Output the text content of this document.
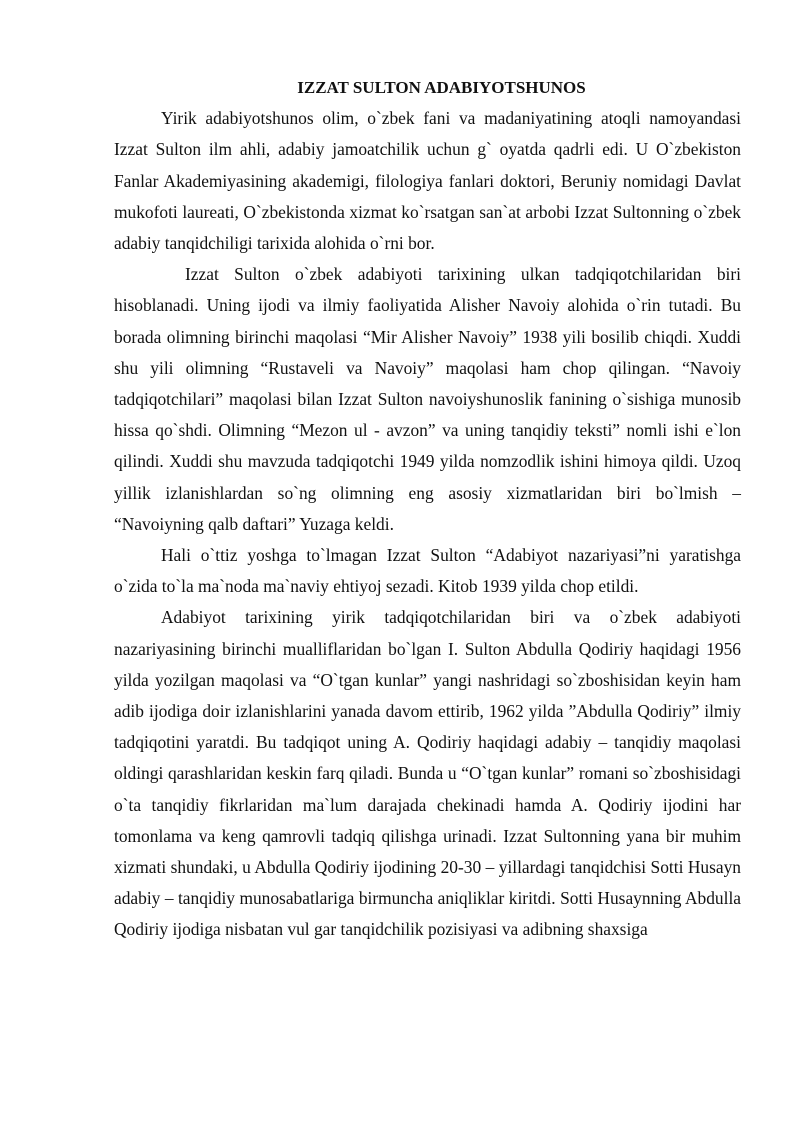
IZZAT SULTON ADABIYOTSHUNOS

Yirik adabiyotshunos olim, o`zbek fani va madaniyatining atoqli namoyandasi Izzat Sulton ilm ahli, adabiy jamoatchilik uchun g` oyatda qadrli edi. U O`zbekiston Fanlar Akademiyasining akademigi, filologiya fanlari doktori, Beruniy nomidagi Davlat mukofoti laureati, O`zbekistonda xizmat ko`rsatgan san`at arbobi Izzat Sultonning o`zbek adabiy tanqidchiligi tarixida alohida o`rni bor.

Izzat Sulton o`zbek adabiyoti tarixining ulkan tadqiqotchilaridan biri hisoblanadi. Uning ijodi va ilmiy faoliyatida Alisher Navoiy alohida o`rin tutadi. Bu borada olimning birinchi maqolasi “Mir Alisher Navoiy” 1938 yili bosilib chiqdi. Xuddi shu yili olimning “Rustaveli va Navoiy” maqolasi ham chop qilingan. “Navoiy tadqiqotchilari” maqolasi bilan Izzat Sulton navoiyshunoslik fanining o`sishiga munosib hissa qo`shdi. Olimning “Mezon ul - avzon” va uning tanqidiy teksti” nomli ishi e`lon qilindi. Xuddi shu mavzuda tadqiqotchi 1949 yilda nomzodlik ishini himoya qildi. Uzoq yillik izlanishlardan so`ng olimning eng asosiy xizmatlaridan biri bo`lmish – “Navoiyning qalb daftari” Yuzaga keldi.

Hali o`ttiz yoshga to`lmagan Izzat Sulton “Adabiyot nazariyasi”ni yaratishga o`zida to`la ma`noda ma`naviy ehtiyoj sezadi. Kitob 1939 yilda chop etildi.

Adabiyot tarixining yirik tadqiqotchilaridan biri va o`zbek adabiyoti nazariyasining birinchi mualliflaridan bo`lgan I. Sulton Abdulla Qodiriy haqidagi 1956 yilda yozilgan maqolasi va “O`tgan kunlar” yangi nashridagi so`zboshisidan keyin ham adib ijodiga doir izlanishlarini yanada davom ettirib, 1962 yilda ”Abdulla Qodiriy” ilmiy tadqiqotini yaratdi. Bu tadqiqot uning A. Qodiriy haqidagi adabiy – tanqidiy maqolasi oldingi qarashlaridan keskin farq qiladi. Bunda u “O`tgan kunlar” romani so`zboshisidagi o`ta tanqidiy fikrlaridan ma`lum darajada chekinadi hamda A. Qodiriy ijodini har tomonlama va keng qamrovli tadqiq qilishga urinadi. Izzat Sultonning yana bir muhim xizmati shundaki, u Abdulla Qodiriy ijodining 20-30 – yillardagi tanqidchisi Sotti Husayn adabiy – tanqidiy munosabatlariga birmuncha aniqliklar kiritdi. Sotti Husaynning Abdulla Qodiriy ijodiga nisbatan vul gar tanqidchilik pozisiyasi va adibning shaxsiga
